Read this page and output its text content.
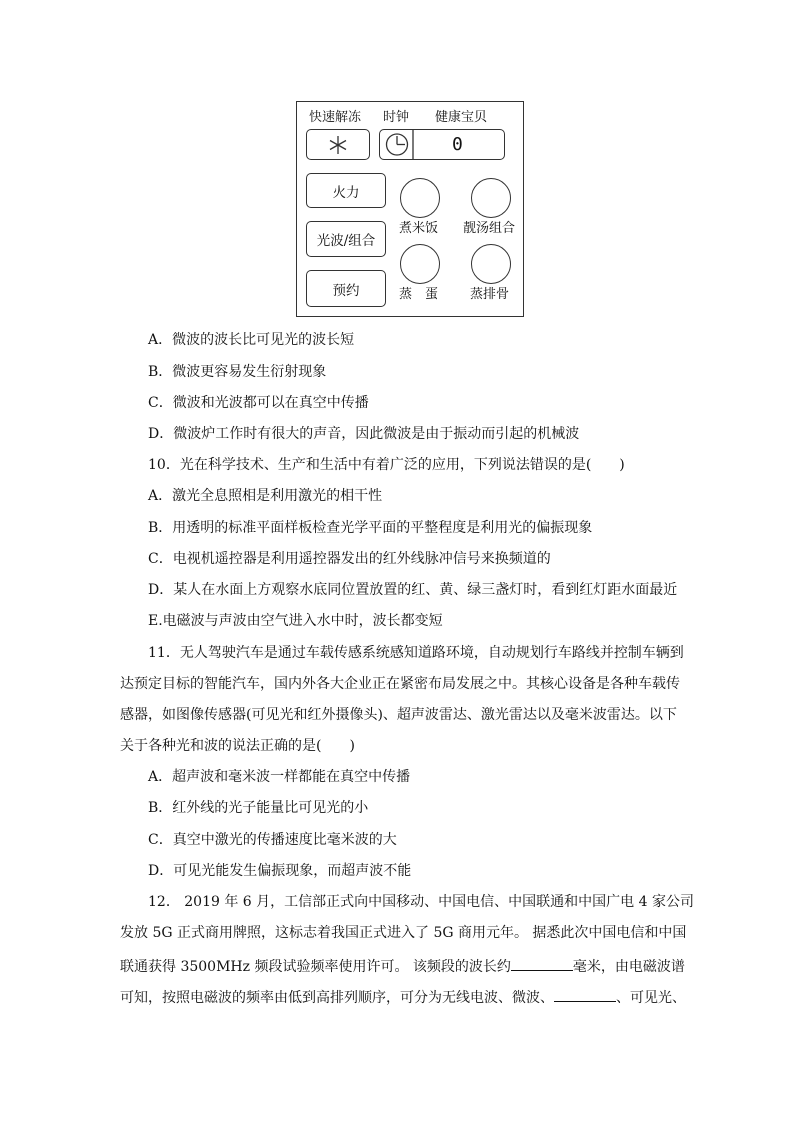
快速解冻 时钟 健康宝贝
0
火力
光波/组合
预约
煮米饭 靓汤组合
蒸　蛋 蒸排骨
A．微波的波长比可见光的波长短
B．微波更容易发生衍射现象
C．微波和光波都可以在真空中传播
D．微波炉工作时有很大的声音，因此微波是由于振动而引起的机械波
10．光在科学技术、生产和生活中有着广泛的应用，下列说法错误的是(　　)
A．激光全息照相是利用激光的相干性
B．用透明的标准平面样板检查光学平面的平整程度是利用光的偏振现象
C．电视机遥控器是利用遥控器发出的红外线脉冲信号来换频道的
D．某人在水面上方观察水底同位置放置的红、黄、绿三盏灯时，看到红灯距水面最近
E.电磁波与声波由空气进入水中时，波长都变短
11．无人驾驶汽车是通过车载传感系统感知道路环境，自动规划行车路线并控制车辆到
达预定目标的智能汽车，国内外各大企业正在紧密布局发展之中。其核心设备是各种车载传
感器，如图像传感器(可见光和红外摄像头)、超声波雷达、激光雷达以及毫米波雷达。以下
关于各种光和波的说法正确的是(　　)
A．超声波和毫米波一样都能在真空中传播
B．红外线的光子能量比可见光的小
C．真空中激光的传播速度比毫米波的大
D．可见光能发生偏振现象，而超声波不能
12． 2019 年 6 月，工信部正式向中国移动、中国电信、中国联通和中国广电 4 家公司
发放 5G 正式商用牌照，这标志着我国正式进入了 5G 商用元年。 据悉此次中国电信和中国
联通获得 3500MHz 频段试验频率使用许可。 该频段的波长约	毫米，由电磁波谱
可知，按照电磁波的频率由低到高排列顺序，可分为无线电波、微波、	、可见光、
